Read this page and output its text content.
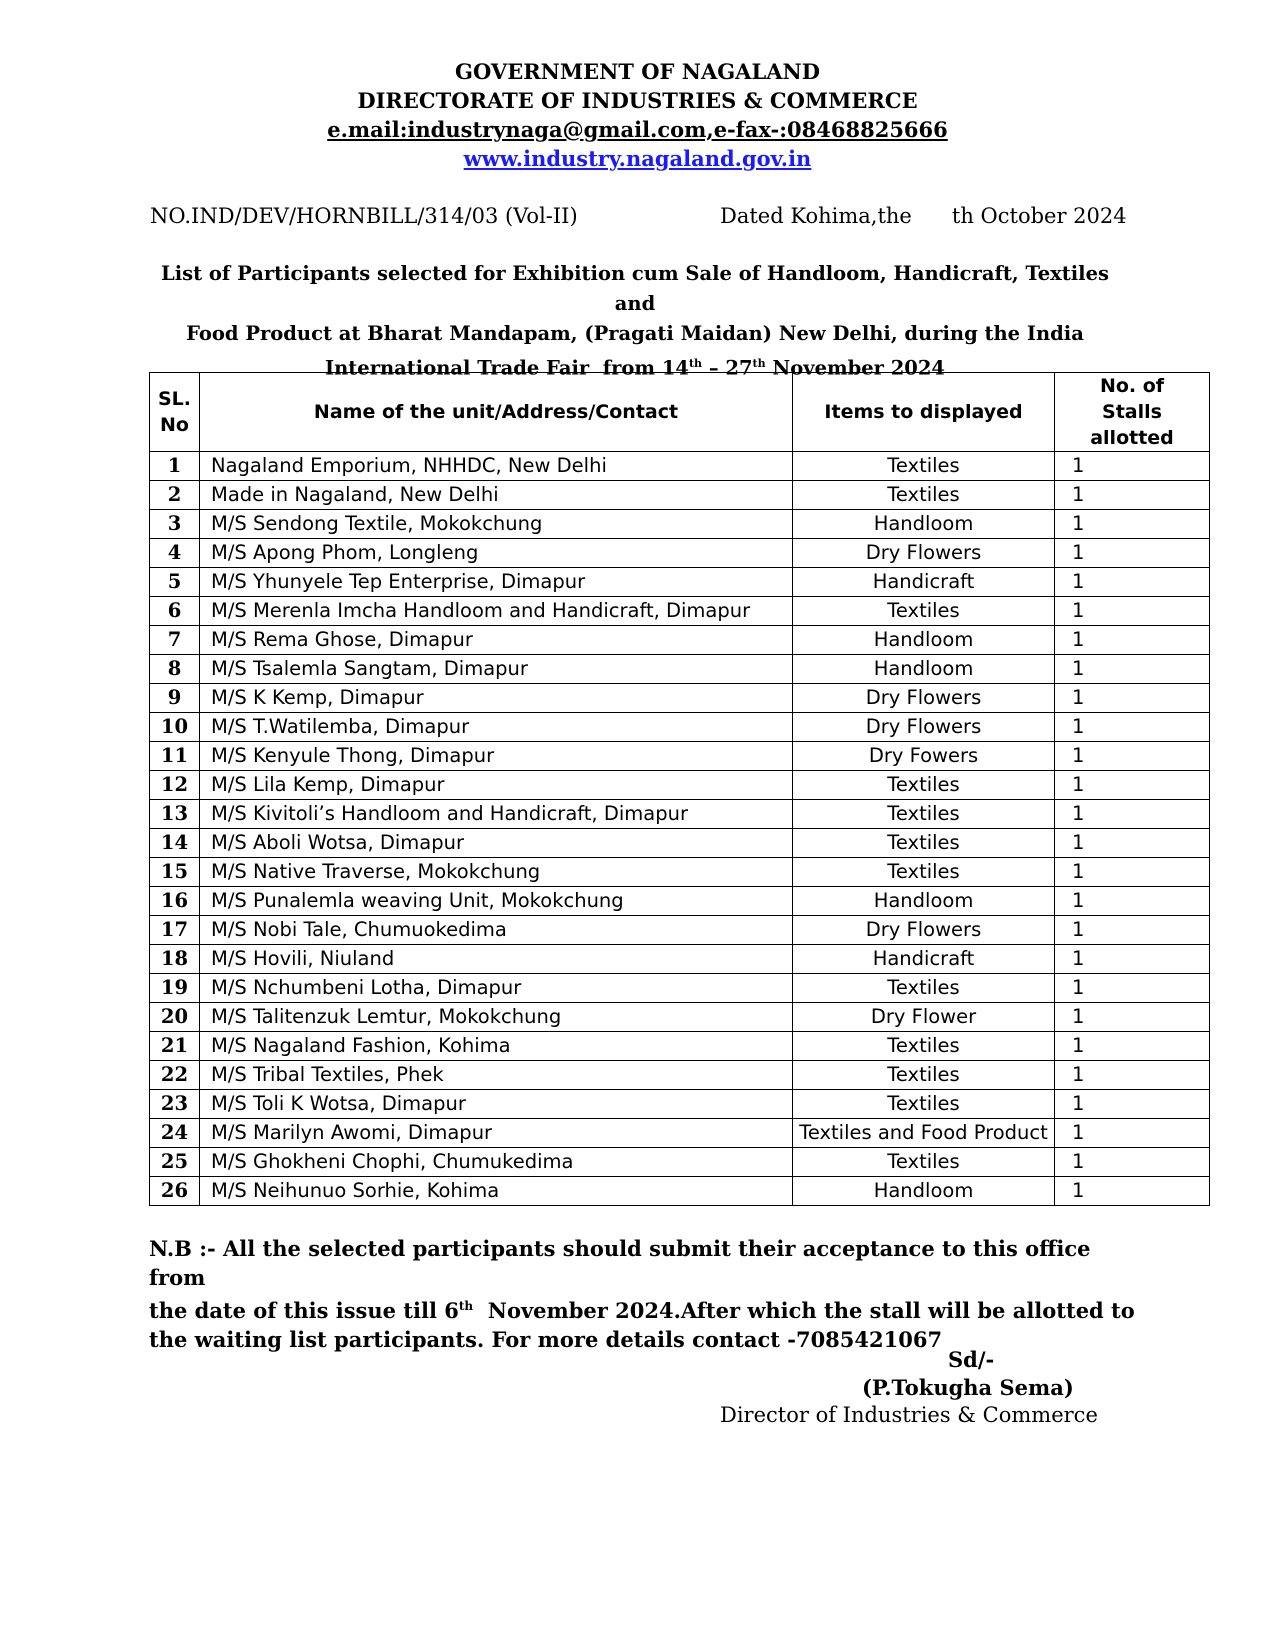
GOVERNMENT OF NAGALAND
DIRECTORATE OF INDUSTRIES & COMMERCE
e.mail:industrynaga@gmail.com,e-fax-:08468825666
www.industry.nagaland.gov.in
NO.IND/DEV/HORNBILL/314/03 (Vol-II)	Dated Kohima,the      th October 2024
List of Participants selected for Exhibition cum Sale of Handloom, Handicraft, Textiles and
Food Product at Bharat Mandapam, (Pragati Maidan) New Delhi, during the India
International Trade Fair  from 14th – 27th November 2024
SL. No	Name of the unit/Address/Contact	Items to displayed	No. of Stalls allotted
1	Nagaland Emporium, NHHDC, New Delhi	Textiles	1
2	Made in Nagaland, New Delhi	Textiles	1
3	M/S Sendong Textile, Mokokchung	Handloom	1
4	M/S Apong Phom, Longleng	Dry Flowers	1
5	M/S Yhunyele Tep Enterprise, Dimapur	Handicraft	1
6	M/S Merenla Imcha Handloom and Handicraft, Dimapur	Textiles	1
7	M/S Rema Ghose, Dimapur	Handloom	1
8	M/S Tsalemla Sangtam, Dimapur	Handloom	1
9	M/S K Kemp, Dimapur	Dry Flowers	1
10	M/S T.Watilemba, Dimapur	Dry Flowers	1
11	M/S Kenyule Thong, Dimapur	Dry Fowers	1
12	M/S Lila Kemp, Dimapur	Textiles	1
13	M/S Kivitoli’s Handloom and Handicraft, Dimapur	Textiles	1
14	M/S Aboli Wotsa, Dimapur	Textiles	1
15	M/S Native Traverse, Mokokchung	Textiles	1
16	M/S Punalemla weaving Unit, Mokokchung	Handloom	1
17	M/S Nobi Tale, Chumuokedima	Dry Flowers	1
18	M/S Hovili, Niuland	Handicraft	1
19	M/S Nchumbeni Lotha, Dimapur	Textiles	1
20	M/S Talitenzuk Lemtur, Mokokchung	Dry Flower	1
21	M/S Nagaland Fashion, Kohima	Textiles	1
22	M/S Tribal Textiles, Phek	Textiles	1
23	M/S Toli K Wotsa, Dimapur	Textiles	1
24	M/S Marilyn Awomi, Dimapur	Textiles and Food Product	1
25	M/S Ghokheni Chophi, Chumukedima	Textiles	1
26	M/S Neihunuo Sorhie, Kohima	Handloom	1
N.B :- All the selected participants should submit their acceptance to this office from
the date of this issue till 6th  November 2024.After which the stall will be allotted to
the waiting list participants. For more details contact -7085421067
Sd/-
(P.Tokugha Sema)
Director of Industries & Commerce
